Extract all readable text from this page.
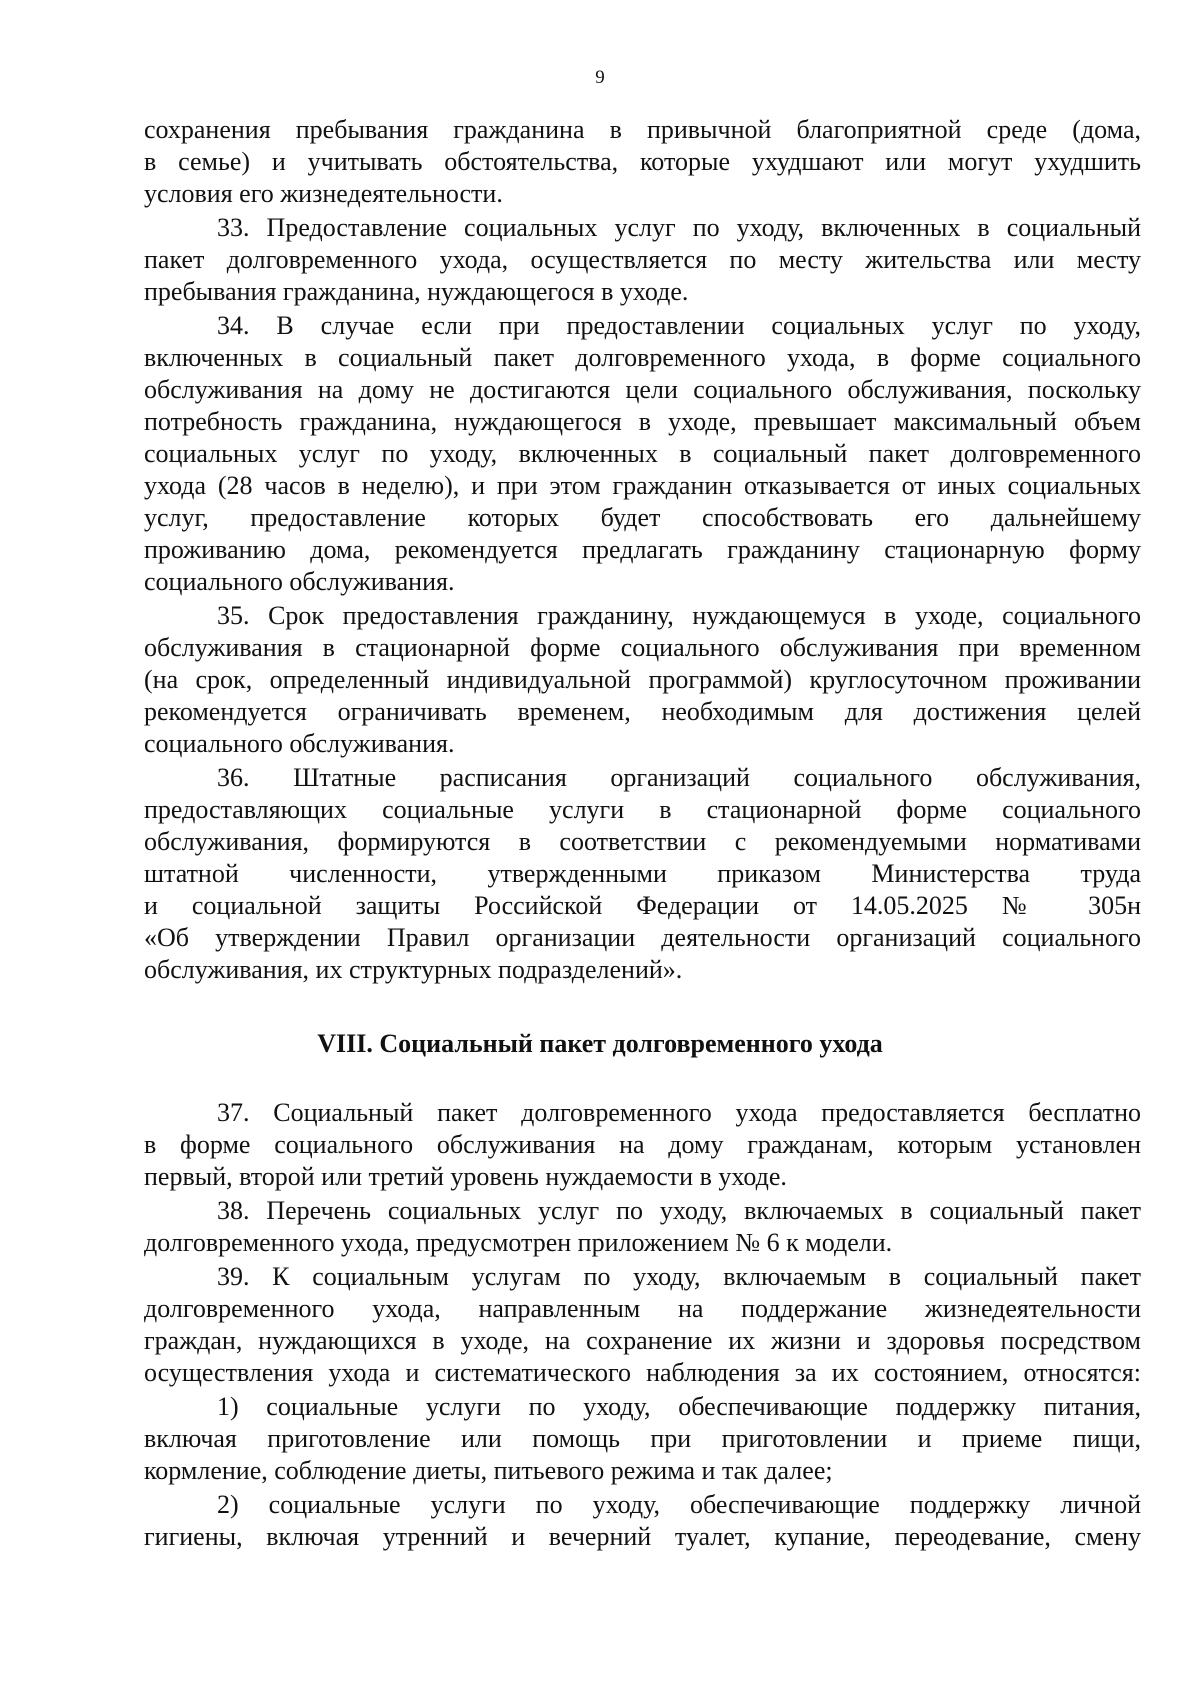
9
сохранения пребывания гражданина в привычной благоприятной среде (дома,
в семье) и учитывать обстоятельства, которые ухудшают или могут ухудшить
условия его жизнедеятельности.
33. Предоставление социальных услуг по уходу, включенных в социальный
пакет долговременного ухода, осуществляется по месту жительства или месту
пребывания гражданина, нуждающегося в уходе.
34. В случае если при предоставлении социальных услуг по уходу,
включенных в социальный пакет долговременного ухода, в форме социального
обслуживания на дому не достигаются цели социального обслуживания, поскольку
потребность гражданина, нуждающегося в уходе, превышает максимальный объем
социальных услуг по уходу, включенных в социальный пакет долговременного
ухода (28 часов в неделю), и при этом гражданин отказывается от иных социальных
услуг, предоставление которых будет способствовать его дальнейшему
проживанию дома, рекомендуется предлагать гражданину стационарную форму
социального обслуживания.
35. Срок предоставления гражданину, нуждающемуся в уходе, социального
обслуживания в стационарной форме социального обслуживания при временном
(на срок, определенный индивидуальной программой) круглосуточном проживании
рекомендуется ограничивать временем, необходимым для достижения целей
социального обслуживания.
36. Штатные расписания организаций социального обслуживания,
предоставляющих социальные услуги в стационарной форме социального
обслуживания, формируются в соответствии с рекомендуемыми нормативами
штатной численности, утвержденными приказом Министерства труда
и социальной защиты Российской Федерации от 14.05.2025 № 305н
«Об утверждении Правил организации деятельности организаций социального
обслуживания, их структурных подразделений».
VIII. Социальный пакет долговременного ухода
37. Социальный пакет долговременного ухода предоставляется бесплатно
в форме социального обслуживания на дому гражданам, которым установлен
первый, второй или третий уровень нуждаемости в уходе.
38. Перечень социальных услуг по уходу, включаемых в социальный пакет
долговременного ухода, предусмотрен приложением № 6 к модели.
39. К социальным услугам по уходу, включаемым в социальный пакет
долговременного ухода, направленным на поддержание жизнедеятельности
граждан, нуждающихся в уходе, на сохранение их жизни и здоровья посредством
осуществления ухода и систематического наблюдения за их состоянием, относятся:
1) социальные услуги по уходу, обеспечивающие поддержку питания,
включая приготовление или помощь при приготовлении и приеме пищи,
кормление, соблюдение диеты, питьевого режима и так далее;
2) социальные услуги по уходу, обеспечивающие поддержку личной
гигиены, включая утренний и вечерний туалет, купание, переодевание, смену
